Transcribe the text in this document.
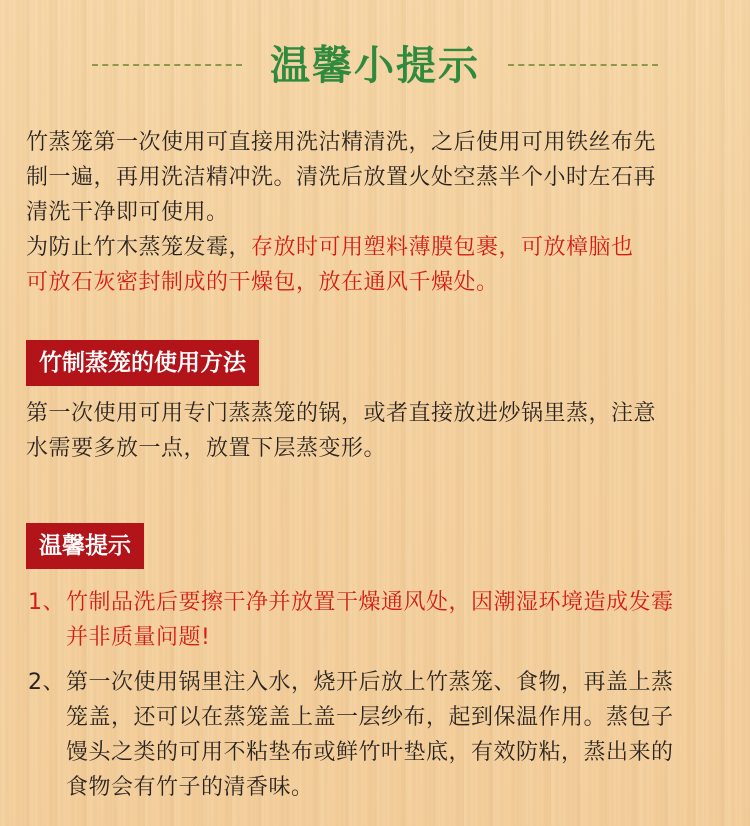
温馨小提示
竹蒸笼第一次使用可直接用洗沽精清洗，之后使用可用铁丝布先
制一遍，再用洗洁精冲洗。清洗后放置火处空蒸半个小时左石再
清洗干净即可使用。
为防止竹木蒸笼发霉，存放时可用塑料薄膜包裹，可放樟脑也
可放石灰密封制成的干燥包，放在通风千燥处。
竹制蒸笼的使用方法
第一次使用可用专门蒸蒸笼的锅，或者直接放进炒锅里蒸，注意
水需要多放一点，放置下层蒸变形。
温馨提示
1、 竹制品洗后要擦干净并放置干燥通风处，因潮湿环境造成发霉
并非质量问题!
2、 第一次使用锅里注入水，烧开后放上竹蒸笼、食物，再盖上蒸
笼盖，还可以在蒸笼盖上盖一层纱布，起到保温作用。蒸包子
馒头之类的可用不粘垫布或鲜竹叶垫底，有效防粘，蒸出来的
食物会有竹子的清香味。
